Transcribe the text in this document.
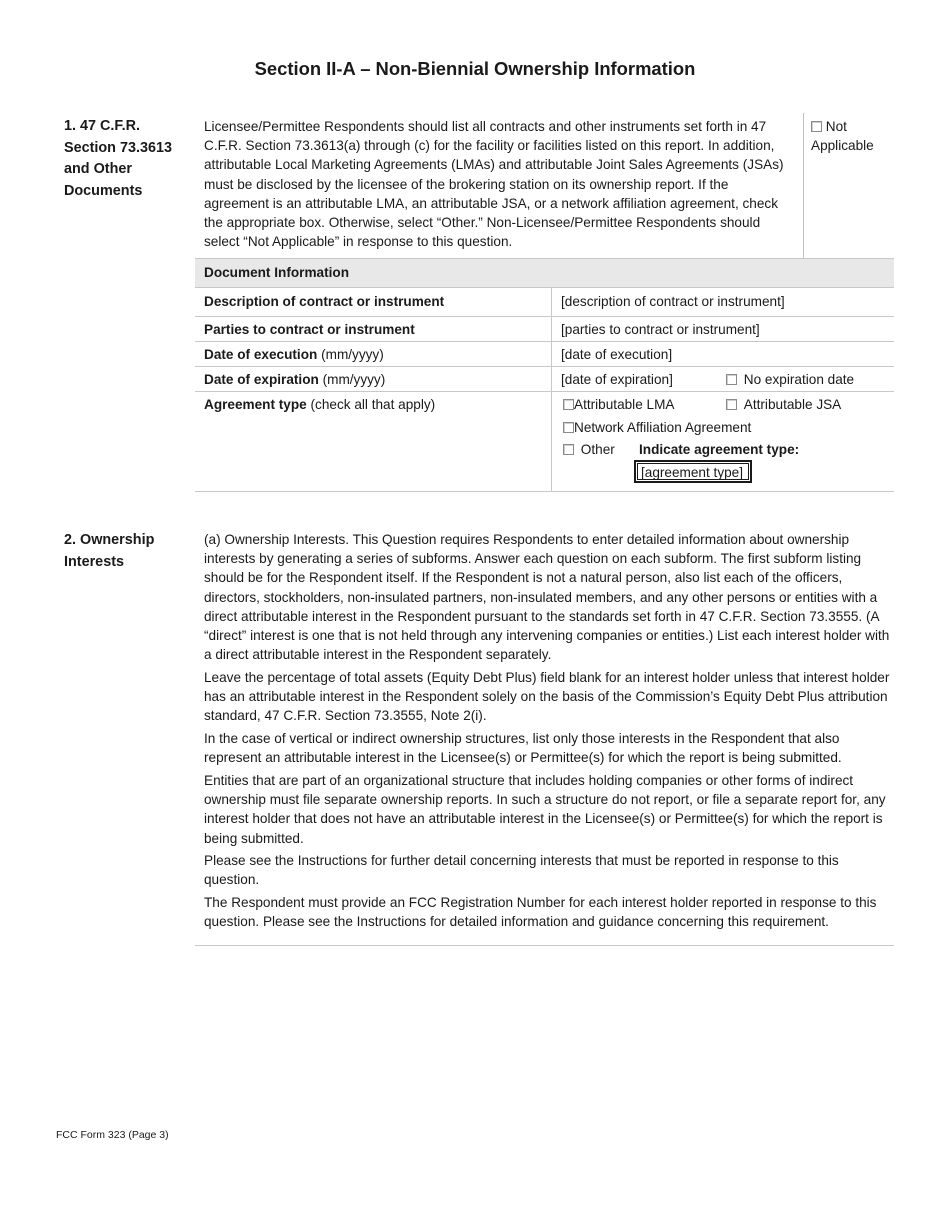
Section II-A – Non-Biennial Ownership Information
1. 47 C.F.R.
Section 73.3613
and Other
Documents
Licensee/Permittee Respondents should list all contracts and other instruments set forth in 47 C.F.R. Section 73.3613(a) through (c) for the facility or facilities listed on this report. In addition, attributable Local Marketing Agreements (LMAs) and attributable Joint Sales Agreements (JSAs) must be disclosed by the licensee of the brokering station on its ownership report. If the agreement is an attributable LMA, an attributable JSA, or a network affiliation agreement, check the appropriate box. Otherwise, select “Other.” Non-Licensee/Permittee Respondents should select “Not Applicable” in response to this question.
Not Applicable
Document Information
Description of contract or instrument	[description of contract or instrument]
Parties to contract or instrument	[parties to contract or instrument]
Date of execution (mm/yyyy)	[date of execution]
Date of expiration (mm/yyyy)	[date of expiration]	No expiration date
Agreement type (check all that apply)	Attributable LMA	Attributable JSA
Network Affiliation Agreement
Other Indicate agreement type:
[agreement type]
2. Ownership
Interests

(a) Ownership Interests. This Question requires Respondents to enter detailed information about ownership interests by generating a series of subforms. Answer each question on each subform. The first subform listing should be for the Respondent itself. If the Respondent is not a natural person, also list each of the officers, directors, stockholders, non-insulated partners, non-insulated members, and any other persons or entities with a direct attributable interest in the Respondent pursuant to the standards set forth in 47 C.F.R. Section 73.3555. (A “direct” interest is one that is not held through any intervening companies or entities.) List each interest holder with a direct attributable interest in the Respondent separately.

Leave the percentage of total assets (Equity Debt Plus) field blank for an interest holder unless that interest holder has an attributable interest in the Respondent solely on the basis of the Commission’s Equity Debt Plus attribution standard, 47 C.F.R. Section 73.3555, Note 2(i).

In the case of vertical or indirect ownership structures, list only those interests in the Respondent that also represent an attributable interest in the Licensee(s) or Permittee(s) for which the report is being submitted.

Entities that are part of an organizational structure that includes holding companies or other forms of indirect ownership must file separate ownership reports. In such a structure do not report, or file a separate report for, any interest holder that does not have an attributable interest in the Licensee(s) or Permittee(s) for which the report is being submitted.

Please see the Instructions for further detail concerning interests that must be reported in response to this question.

The Respondent must provide an FCC Registration Number for each interest holder reported in response to this question. Please see the Instructions for detailed information and guidance concerning this requirement.

FCC Form 323 (Page 3)
